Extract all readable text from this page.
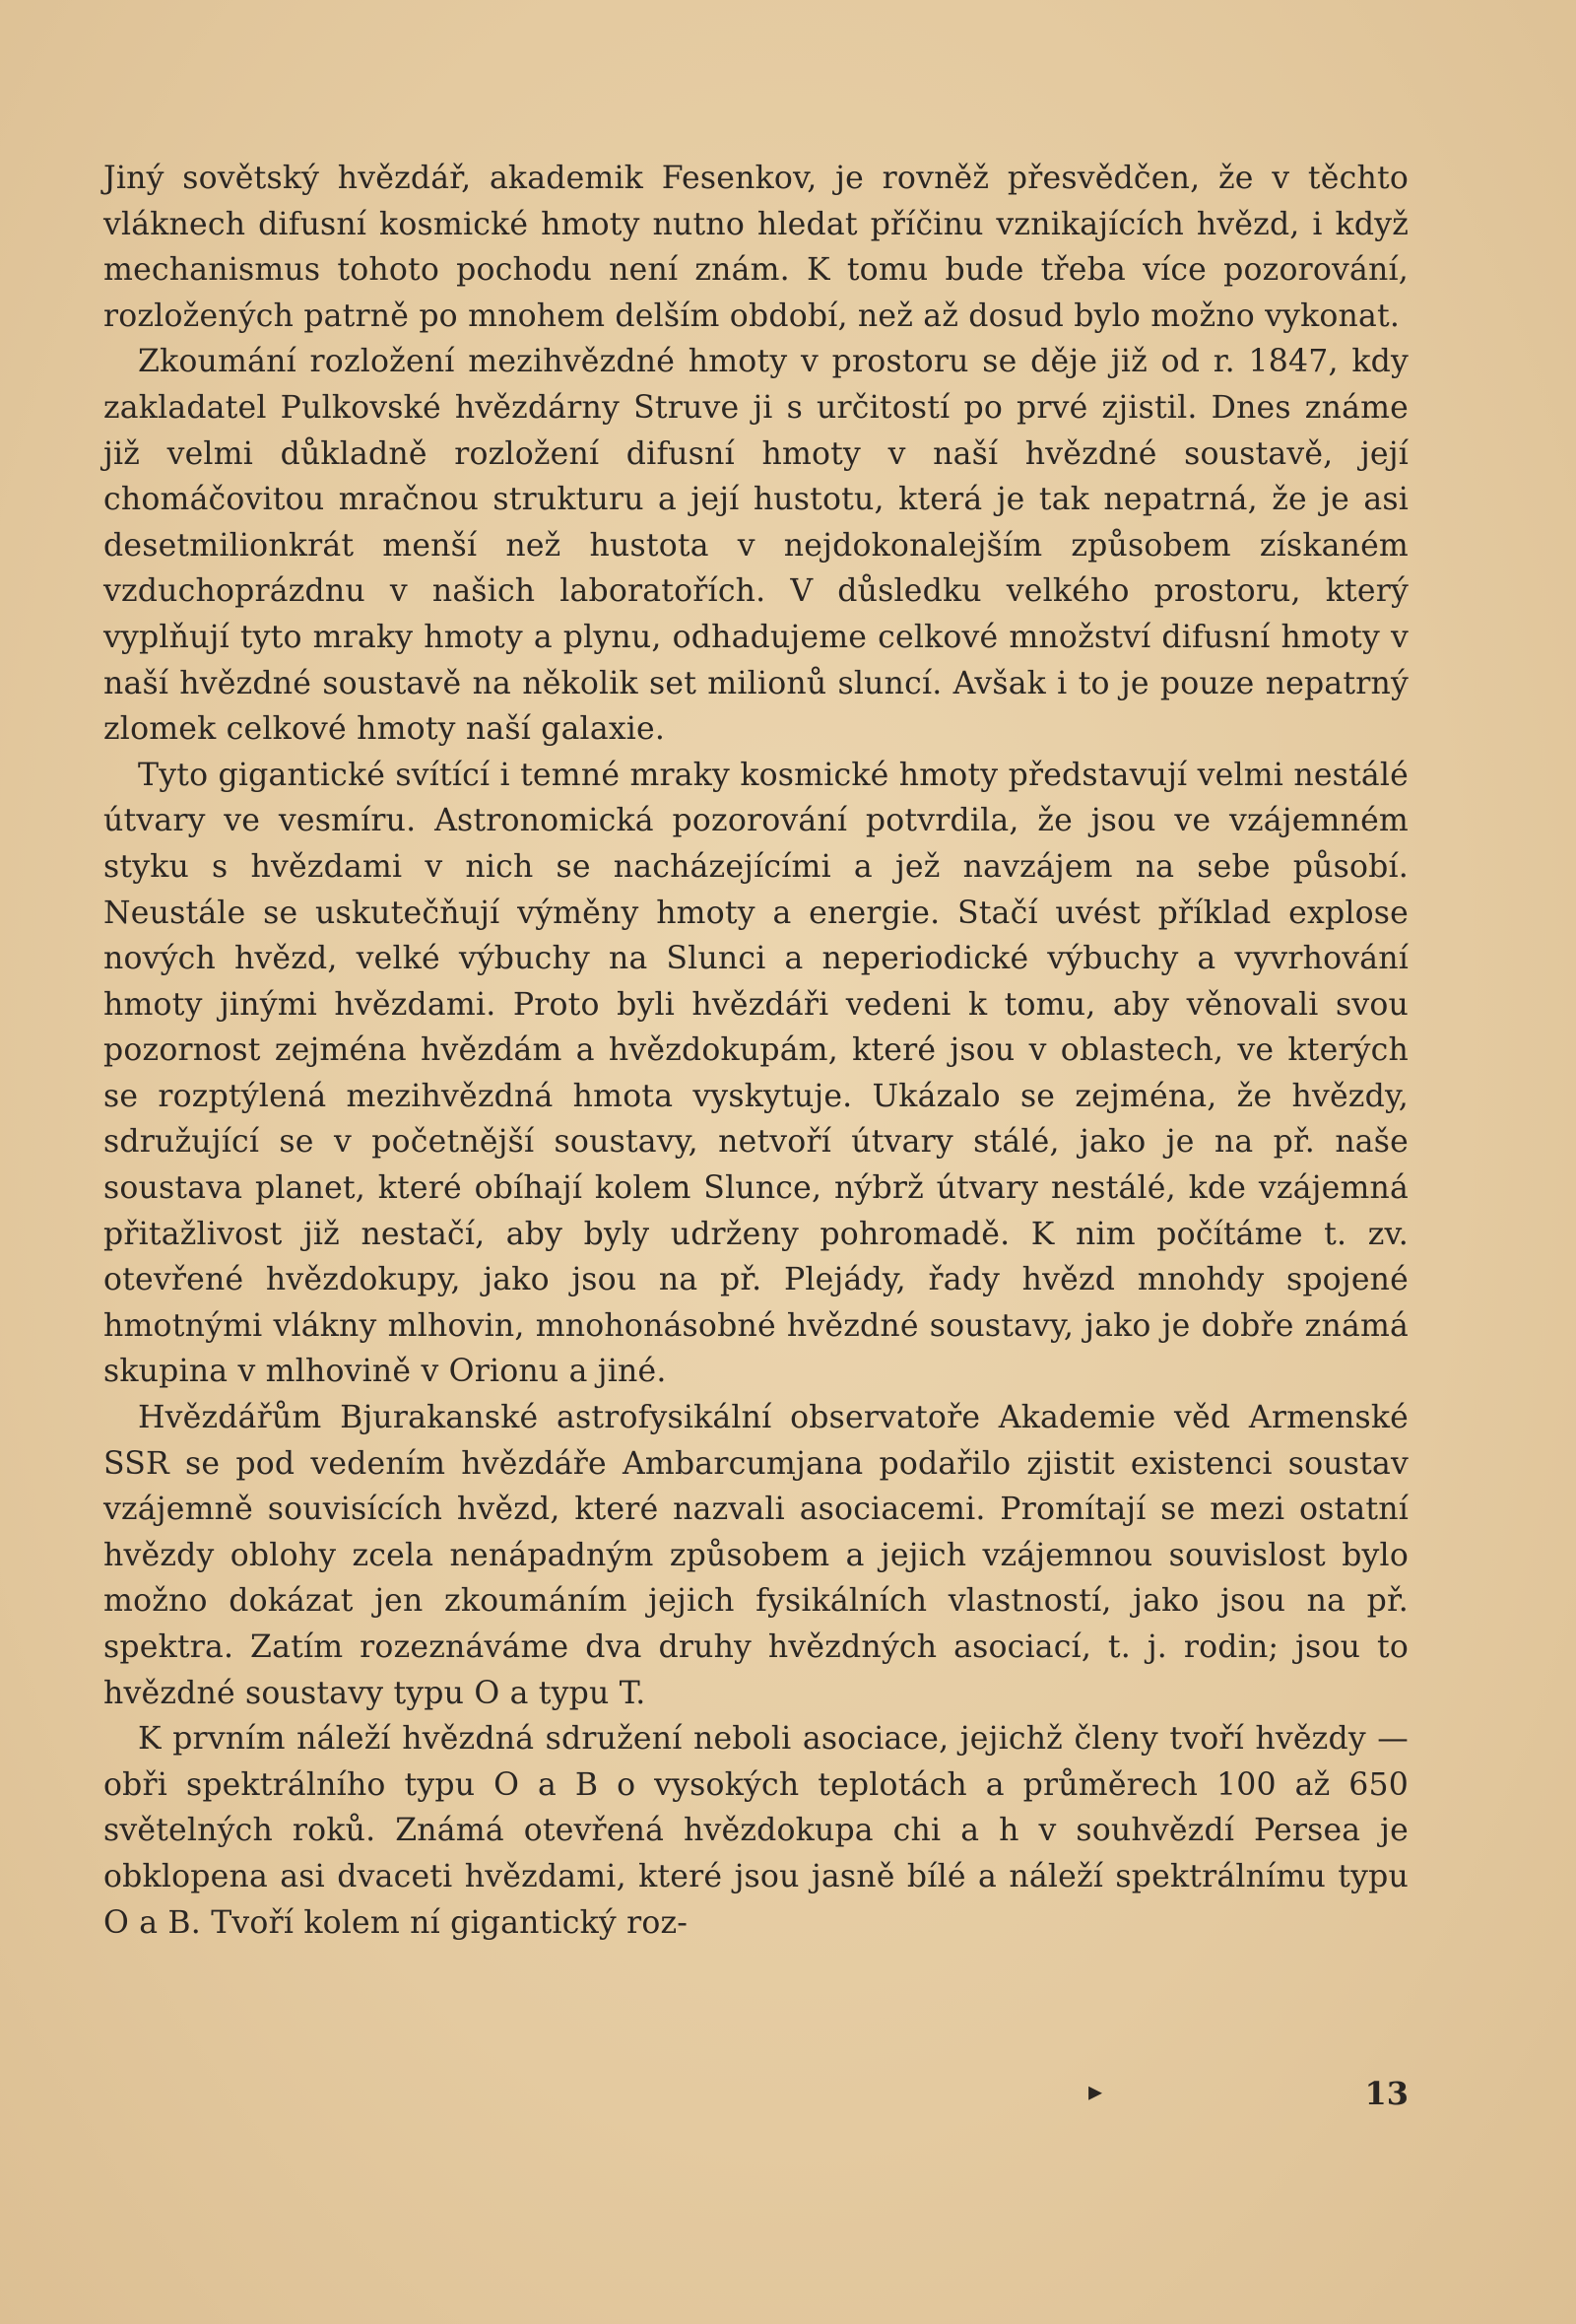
Jiný sovětský hvězdář, akademik Fesenkov, je rovněž přesvědčen, že v těchto vláknech difusní kosmické hmoty nutno hledat příčinu vznikajících hvězd, i když mechanismus tohoto pochodu není znám. K tomu bude třeba více pozorování, rozložených patrně po mnohem delším období, než až dosud bylo možno vykonat.

Zkoumání rozložení mezihvězdné hmoty v prostoru se děje již od r. 1847, kdy zakladatel Pulkovské hvězdárny Struve ji s určitostí po prvé zjistil. Dnes známe již velmi důkladně rozložení difusní hmoty v naší hvězdné soustavě, její chomáčovitou mračnou strukturu a její hustotu, která je tak nepatrná, že je asi desetmilionkrát menší než hustota v nejdokonalejším způsobem získaném vzduchoprázdnu v našich laboratořích. V důsledku velkého prostoru, který vyplňují tyto mraky hmoty a plynu, odhadujeme celkové množství difusní hmoty v naší hvězdné soustavě na několik set milionů sluncí. Avšak i to je pouze nepatrný zlomek celkové hmoty naší galaxie.

Tyto gigantické svítící i temné mraky kosmické hmoty představují velmi nestálé útvary ve vesmíru. Astronomická pozorování potvrdila, že jsou ve vzájemném styku s hvězdami v nich se nacházejícími a jež navzájem na sebe působí. Neustále se uskutečňují výměny hmoty a energie. Stačí uvést příklad explose nových hvězd, velké výbuchy na Slunci a neperiodické výbuchy a vyvrhování hmoty jinými hvězdami. Proto byli hvězdáři vedeni k tomu, aby věnovali svou pozornost zejména hvězdám a hvězdokupám, které jsou v oblastech, ve kterých se rozptýlená mezihvězdná hmota vyskytuje. Ukázalo se zejména, že hvězdy, sdružující se v početnější soustavy, netvoří útvary stálé, jako je na př. naše soustava planet, které obíhají kolem Slunce, nýbrž útvary nestálé, kde vzájemná přitažlivost již nestačí, aby byly udrženy pohromadě. K nim počítáme t. zv. otevřené hvězdokupy, jako jsou na př. Plejády, řady hvězd mnohdy spojené hmotnými vlákny mlhovin, mnohonásobné hvězdné soustavy, jako je dobře známá skupina v mlhovině v Orionu a jiné.

Hvězdářům Bjurakanské astrofysikální observatoře Akademie věd Armenské SSR se pod vedením hvězdáře Ambarcumjana podařilo zjistit existenci soustav vzájemně souvisících hvězd, které nazvali asociacemi. Promítají se mezi ostatní hvězdy oblohy zcela nenápadným způsobem a jejich vzájemnou souvislost bylo možno dokázat jen zkoumáním jejich fysikálních vlastností, jako jsou na př. spektra. Zatím rozeznáváme dva druhy hvězdných asociací, t. j. rodin; jsou to hvězdné soustavy typu O a typu T.

K prvním náleží hvězdná sdružení neboli asociace, jejichž členy tvoří hvězdy — obři spektrálního typu O a B o vysokých teplotách a průměrech 100 až 650 světelných roků. Známá otevřená hvězdokupa chi a h v souhvězdí Persea je obklopena asi dvaceti hvězdami, které jsou jasně bílé a náleží spektrálnímu typu O a B. Tvoří kolem ní gigantický roz-

▸	13
